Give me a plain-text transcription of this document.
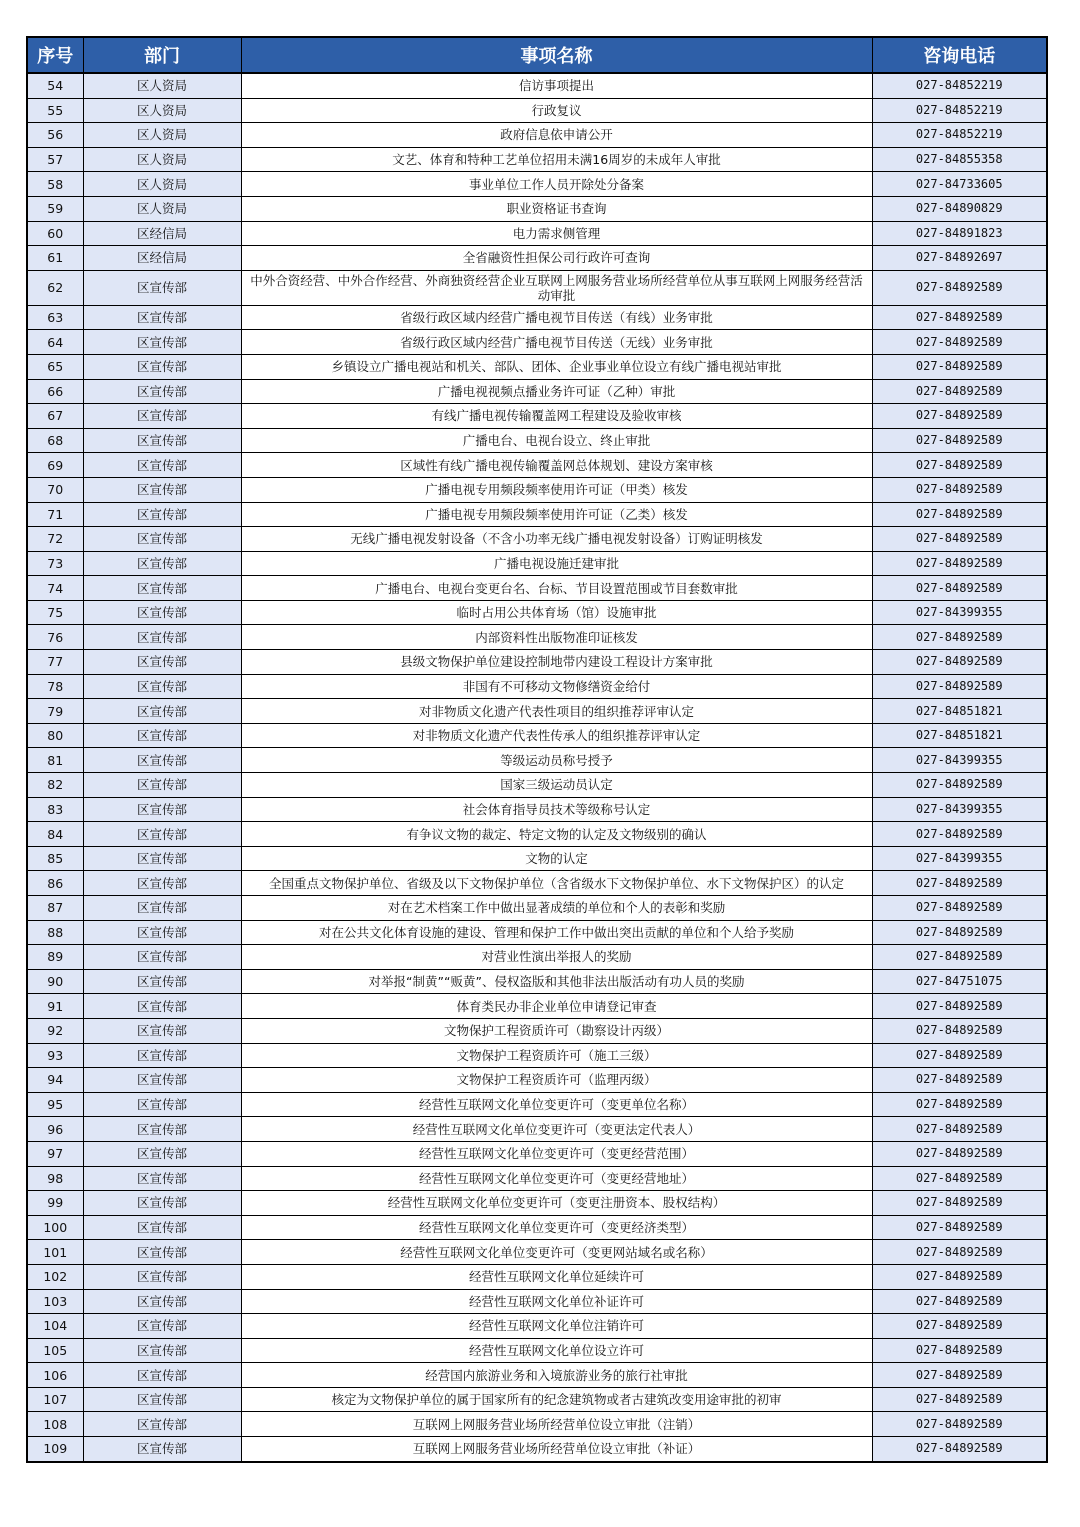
序号	部门	事项名称	咨询电话
54	区人资局	信访事项提出	027-84852219
55	区人资局	行政复议	027-84852219
56	区人资局	政府信息依申请公开	027-84852219
57	区人资局	文艺、体育和特种工艺单位招用未满16周岁的未成年人审批	027-84855358
58	区人资局	事业单位工作人员开除处分备案	027-84733605
59	区人资局	职业资格证书查询	027-84890829
60	区经信局	电力需求侧管理	027-84891823
61	区经信局	全省融资性担保公司行政许可查询	027-84892697
62	区宣传部	中外合资经营、中外合作经营、外商独资经营企业互联网上网服务营业场所经营单位从事互联网上网服务经营活动审批	027-84892589
63	区宣传部	省级行政区域内经营广播电视节目传送（有线）业务审批	027-84892589
64	区宣传部	省级行政区域内经营广播电视节目传送（无线）业务审批	027-84892589
65	区宣传部	乡镇设立广播电视站和机关、部队、团体、企业事业单位设立有线广播电视站审批	027-84892589
66	区宣传部	广播电视视频点播业务许可证（乙种）审批	027-84892589
67	区宣传部	有线广播电视传输覆盖网工程建设及验收审核	027-84892589
68	区宣传部	广播电台、电视台设立、终止审批	027-84892589
69	区宣传部	区域性有线广播电视传输覆盖网总体规划、建设方案审核	027-84892589
70	区宣传部	广播电视专用频段频率使用许可证（甲类）核发	027-84892589
71	区宣传部	广播电视专用频段频率使用许可证（乙类）核发	027-84892589
72	区宣传部	无线广播电视发射设备（不含小功率无线广播电视发射设备）订购证明核发	027-84892589
73	区宣传部	广播电视设施迁建审批	027-84892589
74	区宣传部	广播电台、电视台变更台名、台标、节目设置范围或节目套数审批	027-84892589
75	区宣传部	临时占用公共体育场（馆）设施审批	027-84399355
76	区宣传部	内部资料性出版物准印证核发	027-84892589
77	区宣传部	县级文物保护单位建设控制地带内建设工程设计方案审批	027-84892589
78	区宣传部	非国有不可移动文物修缮资金给付	027-84892589
79	区宣传部	对非物质文化遗产代表性项目的组织推荐评审认定	027-84851821
80	区宣传部	对非物质文化遗产代表性传承人的组织推荐评审认定	027-84851821
81	区宣传部	等级运动员称号授予	027-84399355
82	区宣传部	国家三级运动员认定	027-84892589
83	区宣传部	社会体育指导员技术等级称号认定	027-84399355
84	区宣传部	有争议文物的裁定、特定文物的认定及文物级别的确认	027-84892589
85	区宣传部	文物的认定	027-84399355
86	区宣传部	全国重点文物保护单位、省级及以下文物保护单位（含省级水下文物保护单位、水下文物保护区）的认定	027-84892589
87	区宣传部	对在艺术档案工作中做出显著成绩的单位和个人的表彰和奖励	027-84892589
88	区宣传部	对在公共文化体育设施的建设、管理和保护工作中做出突出贡献的单位和个人给予奖励	027-84892589
89	区宣传部	对营业性演出举报人的奖励	027-84892589
90	区宣传部	对举报“制黄”“贩黄”、侵权盗版和其他非法出版活动有功人员的奖励	027-84751075
91	区宣传部	体育类民办非企业单位申请登记审查	027-84892589
92	区宣传部	文物保护工程资质许可（勘察设计丙级）	027-84892589
93	区宣传部	文物保护工程资质许可（施工三级）	027-84892589
94	区宣传部	文物保护工程资质许可（监理丙级）	027-84892589
95	区宣传部	经营性互联网文化单位变更许可（变更单位名称）	027-84892589
96	区宣传部	经营性互联网文化单位变更许可（变更法定代表人）	027-84892589
97	区宣传部	经营性互联网文化单位变更许可（变更经营范围）	027-84892589
98	区宣传部	经营性互联网文化单位变更许可（变更经营地址）	027-84892589
99	区宣传部	经营性互联网文化单位变更许可（变更注册资本、股权结构）	027-84892589
100	区宣传部	经营性互联网文化单位变更许可（变更经济类型）	027-84892589
101	区宣传部	经营性互联网文化单位变更许可（变更网站域名或名称）	027-84892589
102	区宣传部	经营性互联网文化单位延续许可	027-84892589
103	区宣传部	经营性互联网文化单位补证许可	027-84892589
104	区宣传部	经营性互联网文化单位注销许可	027-84892589
105	区宣传部	经营性互联网文化单位设立许可	027-84892589
106	区宣传部	经营国内旅游业务和入境旅游业务的旅行社审批	027-84892589
107	区宣传部	核定为文物保护单位的属于国家所有的纪念建筑物或者古建筑改变用途审批的初审	027-84892589
108	区宣传部	互联网上网服务营业场所经营单位设立审批（注销）	027-84892589
109	区宣传部	互联网上网服务营业场所经营单位设立审批（补证）	027-84892589
